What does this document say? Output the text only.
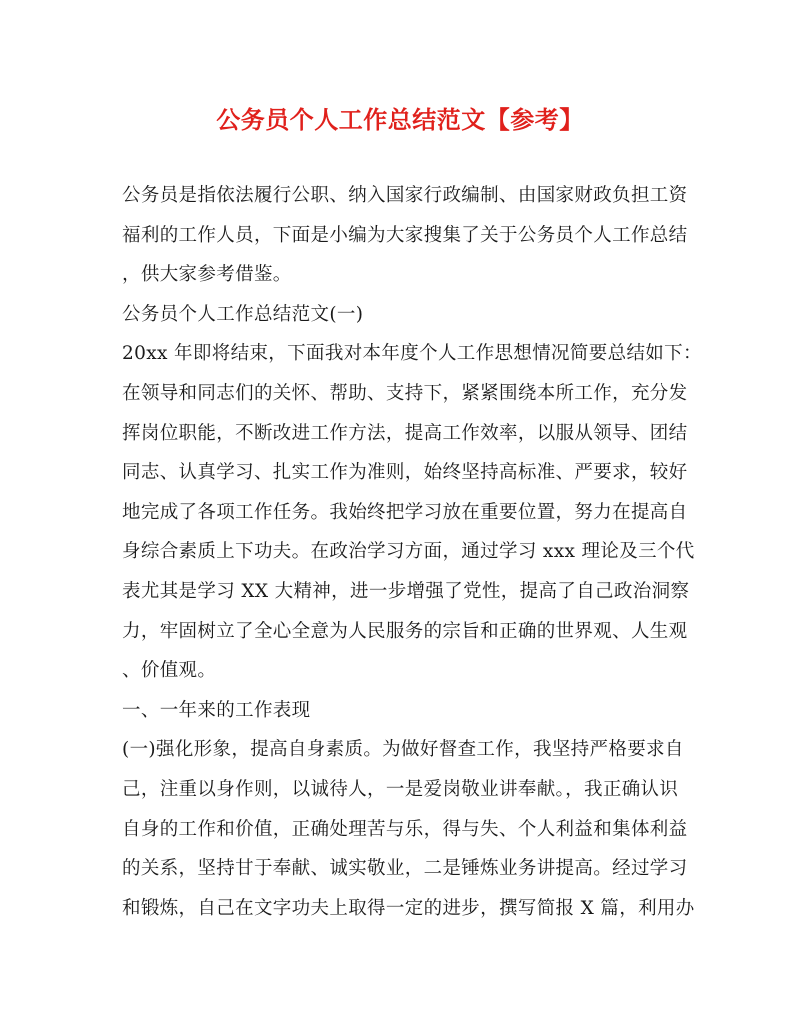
公务员个人工作总结范文【参考】
公务员是指依法履行公职、纳入国家行政编制、由国家财政负担工资
福利的工作人员，下面是小编为大家搜集了关于公务员个人工作总结
，供大家参考借鉴。
公务员个人工作总结范文(一)
20xx 年即将结束，下面我对本年度个人工作思想情况简要总结如下：
在领导和同志们的关怀、帮助、支持下，紧紧围绕本所工作，充分发
挥岗位职能，不断改进工作方法，提高工作效率，以服从领导、团结
同志、认真学习、扎实工作为准则，始终坚持高标准、严要求，较好
地完成了各项工作任务。我始终把学习放在重要位置，努力在提高自
身综合素质上下功夫。在政治学习方面，通过学习 xxx 理论及三个代
表尤其是学习 XX 大精神，进一步增强了党性，提高了自己政治洞察
力，牢固树立了全心全意为人民服务的宗旨和正确的世界观、人生观
、价值观。
一、一年来的工作表现
(一)强化形象，提高自身素质。为做好督查工作，我坚持严格要求自
己，注重以身作则，以诚待人，一是爱岗敬业讲奉献。，我正确认识
自身的工作和价值，正确处理苦与乐，得与失、个人利益和集体利益
的关系，坚持甘于奉献、诚实敬业，二是锤炼业务讲提高。经过学习
和锻炼，自己在文字功夫上取得一定的进步，撰写简报 X 篇，利用办
